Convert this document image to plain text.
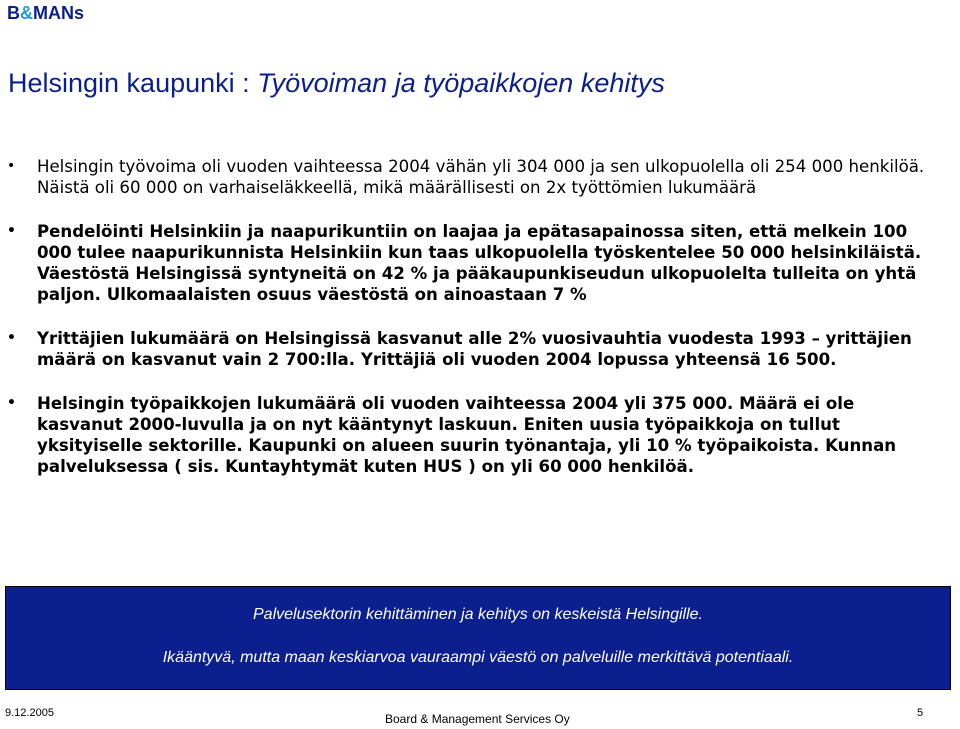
B&MANs
Helsingin kaupunki : Työvoiman ja työpaikkojen kehitys
• Helsingin työvoima oli vuoden vaihteessa 2004 vähän yli 304 000 ja sen ulkopuolella oli 254 000 henkilöä. Näistä oli 60 000 on varhaiseläkkeellä, mikä määrällisesti on 2x työttömien lukumäärä
• Pendelöinti Helsinkiin ja naapurikuntiin on laajaa ja epätasapainossa siten, että melkein 100 000 tulee naapurikunnista Helsinkiin kun taas ulkopuolella työskentelee 50 000 helsinkiläistä. Väestöstä Helsingissä syntyneitä on 42 % ja pääkaupunkiseudun ulkopuolelta tulleita on yhtä paljon. Ulkomaalaisten osuus väestöstä on ainoastaan 7 %
• Yrittäjien lukumäärä on Helsingissä kasvanut alle 2% vuosivauhtia vuodesta 1993 – yrittäjien määrä on kasvanut vain 2 700:lla. Yrittäjiä oli vuoden 2004 lopussa yhteensä 16 500.
• Helsingin työpaikkojen lukumäärä oli vuoden vaihteessa 2004 yli 375 000. Määrä ei ole kasvanut 2000-luvulla ja on nyt kääntynyt laskuun. Eniten uusia työpaikkoja on tullut yksityiselle sektorille. Kaupunki on alueen suurin työnantaja, yli 10 % työpaikoista. Kunnan palveluksessa ( sis. Kuntayhtymät kuten HUS ) on yli 60 000 henkilöä.
Palvelusektorin kehittäminen ja kehitys on keskeistä Helsingille.
Ikääntyvä, mutta maan keskiarvoa vauraampi väestö on palveluille merkittävä potentiaali.
9.12.2005	Board & Management Services Oy	5
